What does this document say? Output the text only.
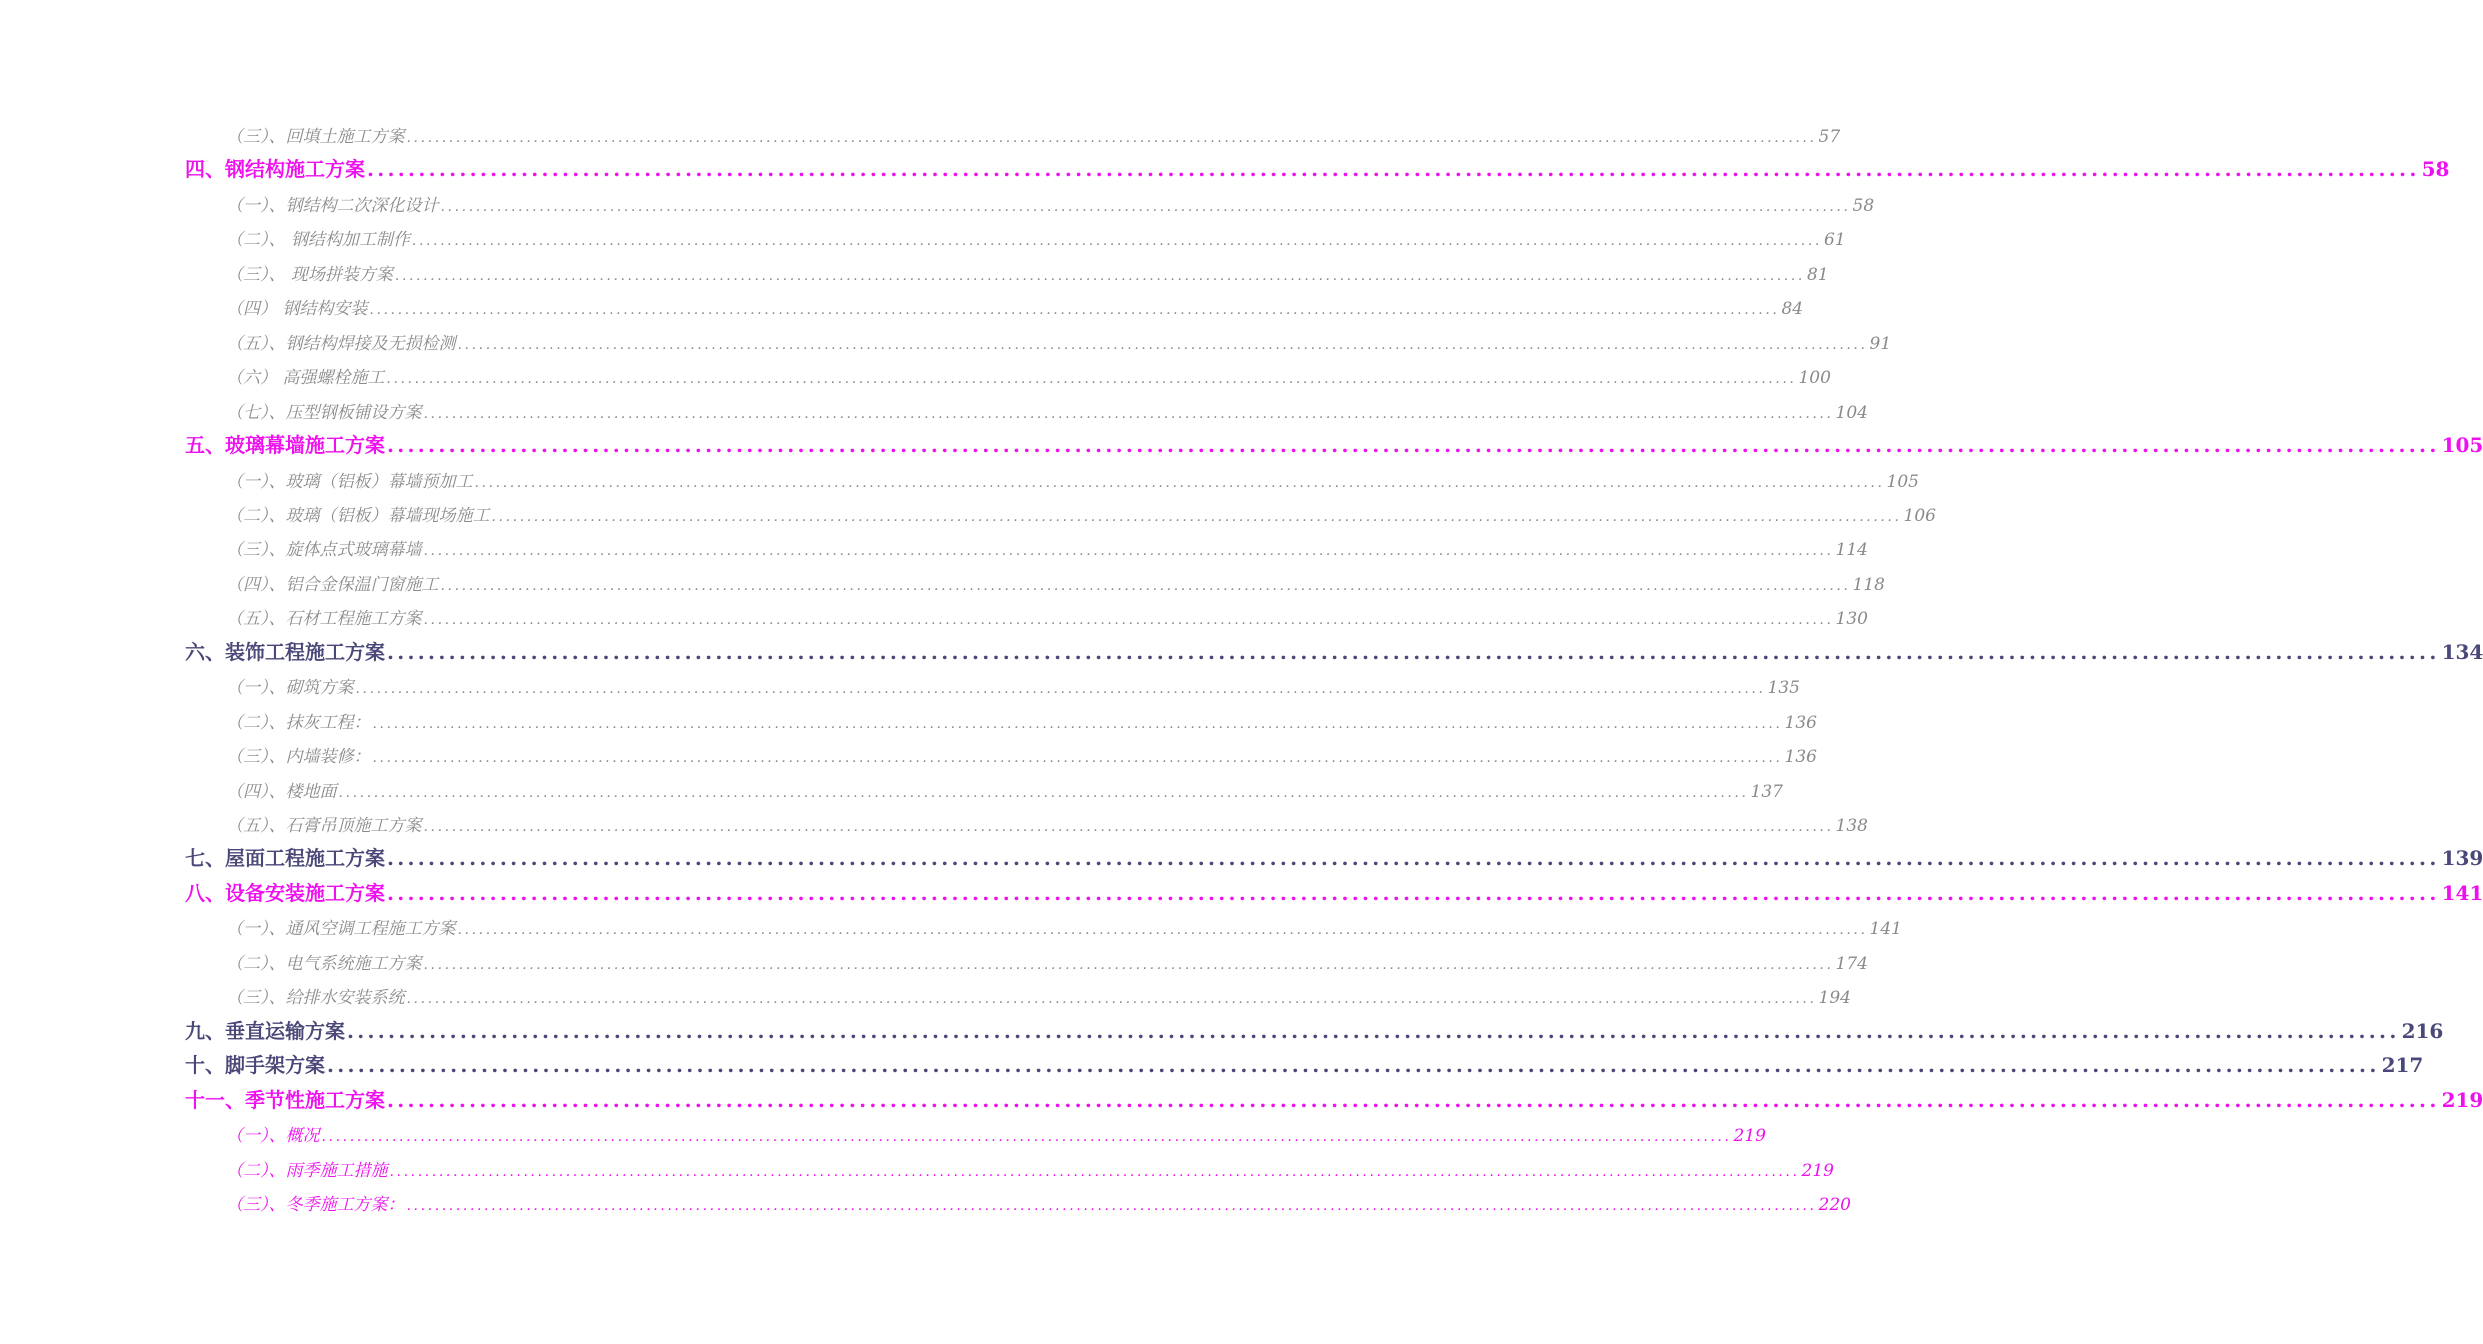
（三）、回填土施工方案 ........................................................................................................................................................................................................ 57
四、钢结构施工方案 ........................................................................................................................................................................................................ 58
（一）、钢结构二次深化设计 ........................................................................................................................................................................................................ 58
（二）、 钢结构加工制作 ........................................................................................................................................................................................................ 61
（三）、 现场拼装方案 ........................................................................................................................................................................................................ 81
（四） 钢结构安装 ........................................................................................................................................................................................................ 84
（五）、钢结构焊接及无损检测 ........................................................................................................................................................................................................ 91
（六） 高强螺栓施工 ........................................................................................................................................................................................................ 100
（七）、压型钢板铺设方案 ........................................................................................................................................................................................................ 104
五、玻璃幕墙施工方案 ........................................................................................................................................................................................................ 105
（一）、玻璃（铝板）幕墙预加工 ........................................................................................................................................................................................................ 105
（二）、玻璃（铝板）幕墙现场施工 ........................................................................................................................................................................................................ 106
（三）、旋体点式玻璃幕墙 ........................................................................................................................................................................................................ 114
（四）、铝合金保温门窗施工 ........................................................................................................................................................................................................ 118
（五）、石材工程施工方案 ........................................................................................................................................................................................................ 130
六、装饰工程施工方案 ........................................................................................................................................................................................................ 134
（一）、砌筑方案 ........................................................................................................................................................................................................ 135
（二）、抹灰工程： ........................................................................................................................................................................................................ 136
（三）、内墙装修： ........................................................................................................................................................................................................ 136
（四）、楼地面 ........................................................................................................................................................................................................ 137
（五）、石膏吊顶施工方案 ........................................................................................................................................................................................................ 138
七、屋面工程施工方案 ........................................................................................................................................................................................................ 139
八、设备安装施工方案 ........................................................................................................................................................................................................ 141
（一）、通风空调工程施工方案 ........................................................................................................................................................................................................ 141
（二）、电气系统施工方案 ........................................................................................................................................................................................................ 174
（三）、给排水安装系统 ........................................................................................................................................................................................................ 194
九、垂直运输方案 ........................................................................................................................................................................................................ 216
十、脚手架方案 ........................................................................................................................................................................................................ 217
十一、季节性施工方案 ........................................................................................................................................................................................................ 219
（一）、概况 ........................................................................................................................................................................................................ 219
（二）、雨季施工措施 ........................................................................................................................................................................................................ 219
（三）、冬季施工方案： ........................................................................................................................................................................................................ 220
